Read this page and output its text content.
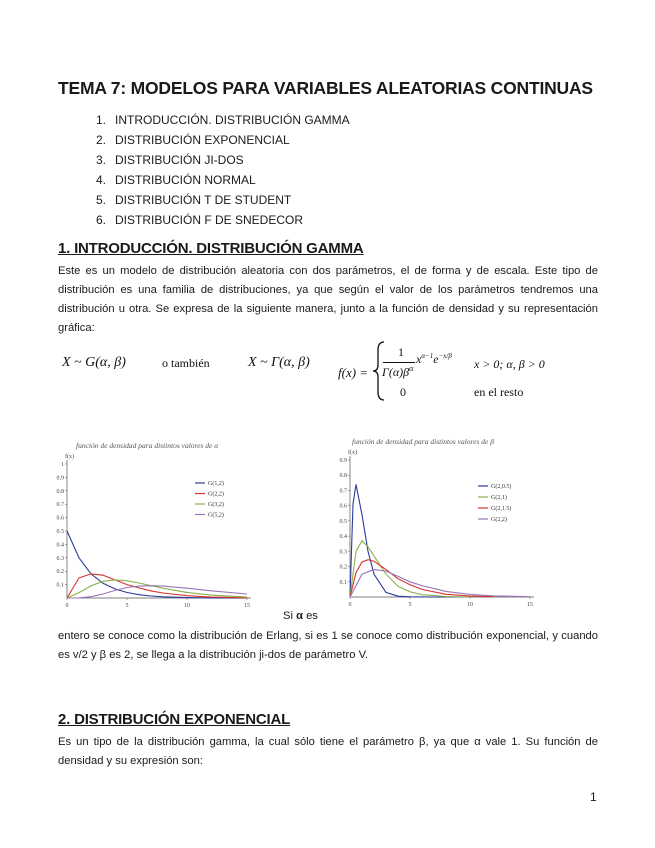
TEMA 7: MODELOS PARA VARIABLES ALEATORIAS CONTINUAS
1. INTRODUCCIÓN. DISTRIBUCIÓN GAMMA
2. DISTRIBUCIÓN EXPONENCIAL
3. DISTRIBUCIÓN JI-DOS
4. DISTRIBUCIÓN NORMAL
5. DISTRIBUCIÓN T DE STUDENT
6. DISTRIBUCIÓN F DE SNEDECOR
1. INTRODUCCIÓN. DISTRIBUCIÓN GAMMA
Este es un modelo de distribución aleatoria con dos parámetros, el de forma y de escala. Este tipo de distribución es una familia de distribuciones, ya que según el valor de los parámetros tendremos una distribución u otra. Se expresa de la siguiente manera, junto a la función de densidad y su representación gráfica:
X ~ G(α, β)	o también	X ~ Γ(α, β)
f(x) =
1
$\Gamma(\alpha)\beta^\alpha$
$x^{\alpha-1}e^{-x/\beta}$
x > 0; α, β > 0
0	en el resto
función de densidad para distintos valores de α
0.1
0.2
0.3
0.4
0.5
0.6
0.7
0.8
0.9
1
0	5	10	15
f(x)
G(1,2)
G(2,2)
G(3,2)
G(5,2)
función de densidad para distintos valores de β
0.1
0.2
0.3
0.4
0.5
0.6
0.7
0.8
0.9
0	5	10	15
f(x)
G(2,0.5)
G(2,1)
G(2,1.5)
G(2,2)
Si α es
entero se conoce como la distribución de Erlang, si es 1 se conoce como distribución exponencial, y cuando es v/2 y β es 2, se llega a la distribución ji-dos de parámetro V.
2. DISTRIBUCIÓN EXPONENCIAL
Es un tipo de la distribución gamma, la cual sólo tiene el parámetro β, ya que α vale 1. Su función de densidad y su expresión son:
1
